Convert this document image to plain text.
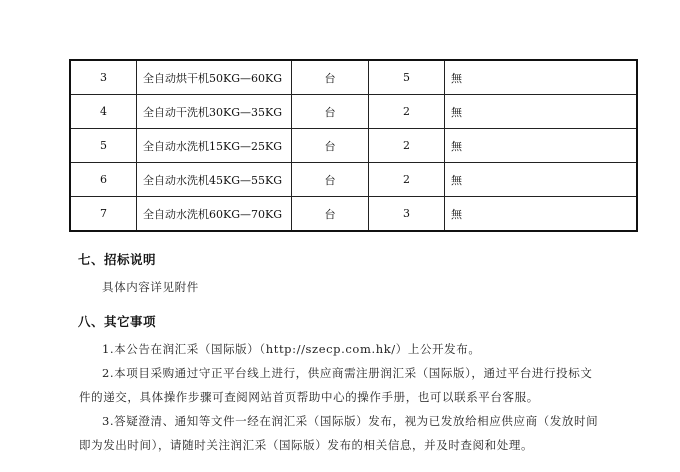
3	全自动烘干机50KG—60KG	台	5	無
4	全自动干洗机30KG—35KG	台	2	無
5	全自动水洗机15KG—25KG	台	2	無
6	全自动水洗机45KG—55KG	台	2	無
7	全自动水洗机60KG—70KG	台	3	無
七、招标说明
具体内容详见附件
八、其它事项
1.本公告在润汇采（国际版）（http://szecp.com.hk/）上公开发布。
2.本项目采购通过守正平台线上进行，供应商需注册润汇采（国际版），通过平台进行投标文件的递交，具体操作步骤可查阅网站首页帮助中心的操作手册，也可以联系平台客服。
3.答疑澄清、通知等文件一经在润汇采（国际版）发布，视为已发放给相应供应商（发放时间即为发出时间），请随时关注润汇采（国际版）发布的相关信息，并及时查阅和处理。
